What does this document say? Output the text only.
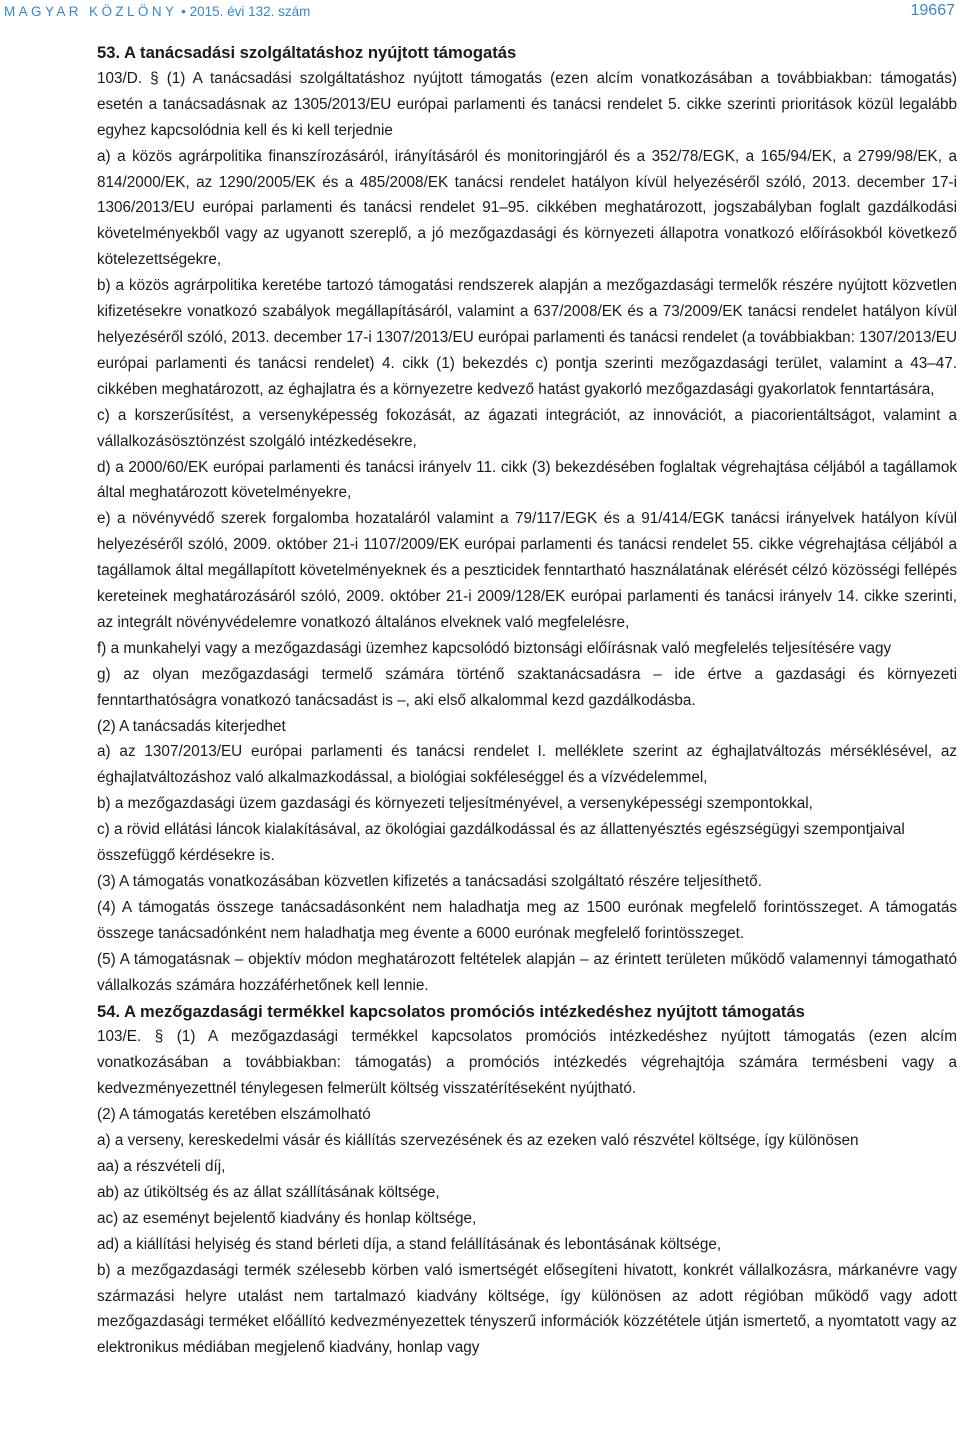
MAGYAR KÖZLÖNY • 2015. évi 132. szám	19667
53. A tanácsadási szolgáltatáshoz nyújtott támogatás

103/D. § (1) A tanácsadási szolgáltatáshoz nyújtott támogatás (ezen alcím vonatkozásában a továbbiakban: támogatás) esetén a tanácsadásnak az 1305/2013/EU európai parlamenti és tanácsi rendelet 5. cikke szerinti prioritások közül legalább egyhez kapcsolódnia kell és ki kell terjednie

a) a közös agrárpolitika finanszírozásáról, irányításáról és monitoringjáról és a 352/78/EGK, a 165/94/EK, a 2799/98/EK, a 814/2000/EK, az 1290/2005/EK és a 485/2008/EK tanácsi rendelet hatályon kívül helyezéséről szóló, 2013. december 17-i 1306/2013/EU európai parlamenti és tanácsi rendelet 91–95. cikkében meghatározott, jogszabályban foglalt gazdálkodási követelményekből vagy az ugyanott szereplő, a jó mezőgazdasági és környezeti állapotra vonatkozó előírásokból következő kötelezettségekre,

b) a közös agrárpolitika keretébe tartozó támogatási rendszerek alapján a mezőgazdasági termelők részére nyújtott közvetlen kifizetésekre vonatkozó szabályok megállapításáról, valamint a 637/2008/EK és a 73/2009/EK tanácsi rendelet hatályon kívül helyezéséről szóló, 2013. december 17-i 1307/2013/EU európai parlamenti és tanácsi rendelet (a továbbiakban: 1307/2013/EU európai parlamenti és tanácsi rendelet) 4. cikk (1) bekezdés c) pontja szerinti mezőgazdasági terület, valamint a 43–47. cikkében meghatározott, az éghajlatra és a környezetre kedvező hatást gyakorló mezőgazdasági gyakorlatok fenntartására,

c) a korszerűsítést, a versenyképesség fokozását, az ágazati integrációt, az innovációt, a piacorientáltságot, valamint a vállalkozásösztönzést szolgáló intézkedésekre,

d) a 2000/60/EK európai parlamenti és tanácsi irányelv 11. cikk (3) bekezdésében foglaltak végrehajtása céljából a tagállamok által meghatározott követelményekre,

e) a növényvédő szerek forgalomba hozataláról valamint a 79/117/EGK és a 91/414/EGK tanácsi irányelvek hatályon kívül helyezéséről szóló, 2009. október 21-i 1107/2009/EK európai parlamenti és tanácsi rendelet 55. cikke végrehajtása céljából a tagállamok által megállapított követelményeknek és a peszticidek fenntartható használatának elérését célzó közösségi fellépés kereteinek meghatározásáról szóló, 2009. október 21-i 2009/128/EK európai parlamenti és tanácsi irányelv 14. cikke szerinti, az integrált növényvédelemre vonatkozó általános elveknek való megfelelésre,

f) a munkahelyi vagy a mezőgazdasági üzemhez kapcsolódó biztonsági előírásnak való megfelelés teljesítésére vagy

g) az olyan mezőgazdasági termelő számára történő szaktanácsadásra – ide értve a gazdasági és környezeti fenntarthatóságra vonatkozó tanácsadást is –, aki első alkalommal kezd gazdálkodásba.

(2) A tanácsadás kiterjedhet

a) az 1307/2013/EU európai parlamenti és tanácsi rendelet I. melléklete szerint az éghajlatváltozás mérséklésével, az éghajlatváltozáshoz való alkalmazkodással, a biológiai sokféleséggel és a vízvédelemmel,

b) a mezőgazdasági üzem gazdasági és környezeti teljesítményével, a versenyképességi szempontokkal,

c) a rövid ellátási láncok kialakításával, az ökológiai gazdálkodással és az állattenyésztés egészségügyi szempontjaival

összefüggő kérdésekre is.

(3) A támogatás vonatkozásában közvetlen kifizetés a tanácsadási szolgáltató részére teljesíthető.

(4) A támogatás összege tanácsadásonként nem haladhatja meg az 1500 eurónak megfelelő forintösszeget. A támogatás összege tanácsadónként nem haladhatja meg évente a 6000 eurónak megfelelő forintösszeget.

(5) A támogatásnak – objektív módon meghatározott feltételek alapján – az érintett területen működő valamennyi támogatható vállalkozás számára hozzáférhetőnek kell lennie.

54. A mezőgazdasági termékkel kapcsolatos promóciós intézkedéshez nyújtott támogatás

103/E. § (1) A mezőgazdasági termékkel kapcsolatos promóciós intézkedéshez nyújtott támogatás (ezen alcím vonatkozásában a továbbiakban: támogatás) a promóciós intézkedés végrehajtója számára termésbeni vagy a kedvezményezettnél ténylegesen felmerült költség visszatérítéseként nyújtható.

(2) A támogatás keretében elszámolható

a) a verseny, kereskedelmi vásár és kiállítás szervezésének és az ezeken való részvétel költsége, így különösen

aa) a részvételi díj,

ab) az útiköltség és az állat szállításának költsége,

ac) az eseményt bejelentő kiadvány és honlap költsége,

ad) a kiállítási helyiség és stand bérleti díja, a stand felállításának és lebontásának költsége,

b) a mezőgazdasági termék szélesebb körben való ismertségét elősegíteni hivatott, konkrét vállalkozásra, márkanévre vagy származási helyre utalást nem tartalmazó kiadvány költsége, így különösen az adott régióban működő vagy adott mezőgazdasági terméket előállító kedvezményezettek tényszerű információk közzététele útján ismertető, a nyomtatott vagy az elektronikus médiában megjelenő kiadvány, honlap vagy
